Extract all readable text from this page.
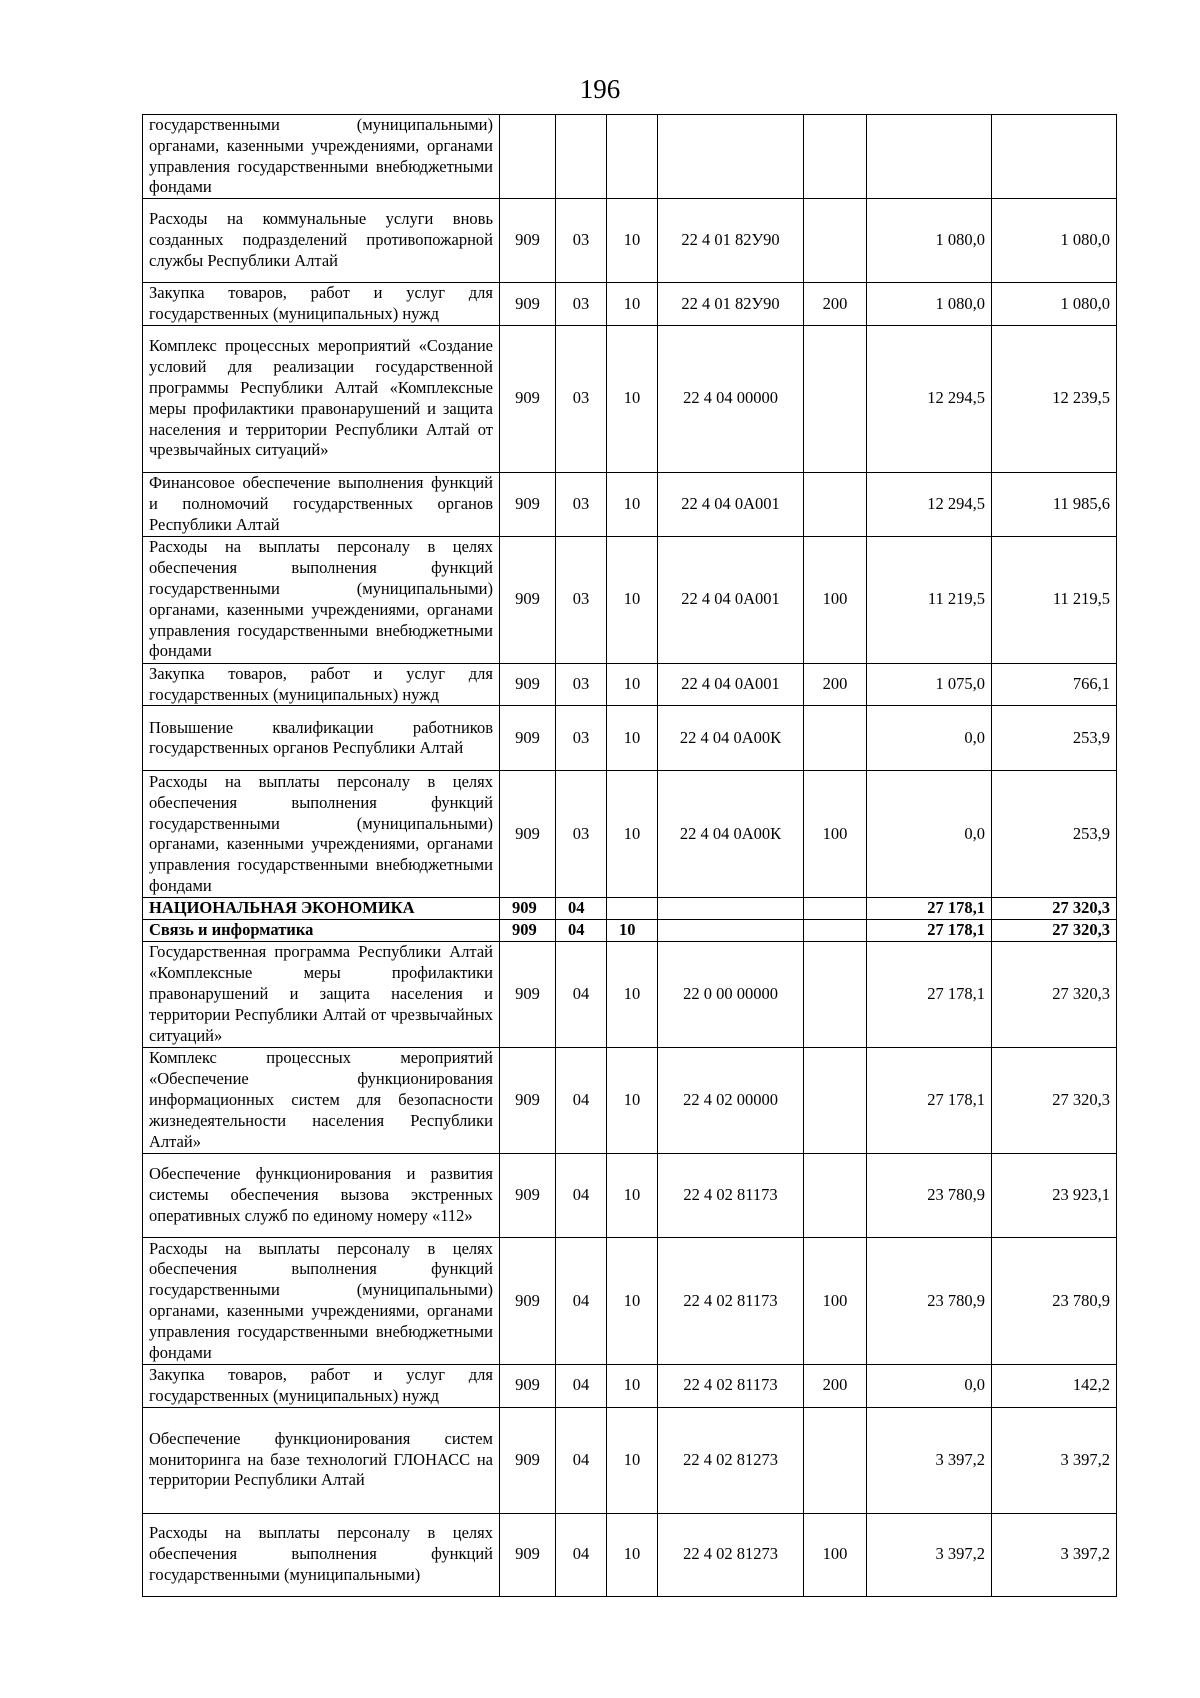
196
государственными (муниципальными) органами, казенными учреждениями, органами управления государственными внебюджетными фондами							
Расходы на коммунальные услуги вновь созданных подразделений противопожарной службы Республики Алтай	909	03	10	22 4 01 82У90		1 080,0	1 080,0
Закупка товаров, работ и услуг для государственных (муниципальных) нужд	909	03	10	22 4 01 82У90	200	1 080,0	1 080,0
Комплекс процессных мероприятий «Создание условий для реализации государственной программы Республики Алтай «Комплексные меры профилактики правонарушений и защита населения и территории Республики Алтай от чрезвычайных ситуаций»	909	03	10	22 4 04 00000		12 294,5	12 239,5
Финансовое обеспечение выполнения функций и полномочий государственных органов Республики Алтай	909	03	10	22 4 04 0А001		12 294,5	11 985,6
Расходы на выплаты персоналу в целях обеспечения выполнения функций государственными (муниципальными) органами, казенными учреждениями, органами управления государственными внебюджетными фондами	909	03	10	22 4 04 0А001	100	11 219,5	11 219,5
Закупка товаров, работ и услуг для государственных (муниципальных) нужд	909	03	10	22 4 04 0А001	200	1 075,0	766,1
Повышение квалификации работников государственных органов Республики Алтай	909	03	10	22 4 04 0А00К		0,0	253,9
Расходы на выплаты персоналу в целях обеспечения выполнения функций государственными (муниципальными) органами, казенными учреждениями, органами управления государственными внебюджетными фондами	909	03	10	22 4 04 0А00К	100	0,0	253,9
НАЦИОНАЛЬНАЯ ЭКОНОМИКА	909	04				27 178,1	27 320,3
Связь и информатика	909	04	10			27 178,1	27 320,3
Государственная программа Республики Алтай «Комплексные меры профилактики правонарушений и защита населения и территории Республики Алтай от чрезвычайных ситуаций»	909	04	10	22 0 00 00000		27 178,1	27 320,3
Комплекс процессных мероприятий «Обеспечение функционирования информационных систем для безопасности жизнедеятельности населения Республики Алтай»	909	04	10	22 4 02 00000		27 178,1	27 320,3
Обеспечение функционирования и развития системы обеспечения вызова экстренных оперативных служб по единому номеру «112»	909	04	10	22 4 02 81173		23 780,9	23 923,1
Расходы на выплаты персоналу в целях обеспечения выполнения функций государственными (муниципальными) органами, казенными учреждениями, органами управления государственными внебюджетными фондами	909	04	10	22 4 02 81173	100	23 780,9	23 780,9
Закупка товаров, работ и услуг для государственных (муниципальных) нужд	909	04	10	22 4 02 81173	200	0,0	142,2
Обеспечение функционирования систем мониторинга на базе технологий ГЛОНАСС на территории Республики Алтай	909	04	10	22 4 02 81273		3 397,2	3 397,2
Расходы на выплаты персоналу в целях обеспечения выполнения функций государственными (муниципальными)	909	04	10	22 4 02 81273	100	3 397,2	3 397,2
